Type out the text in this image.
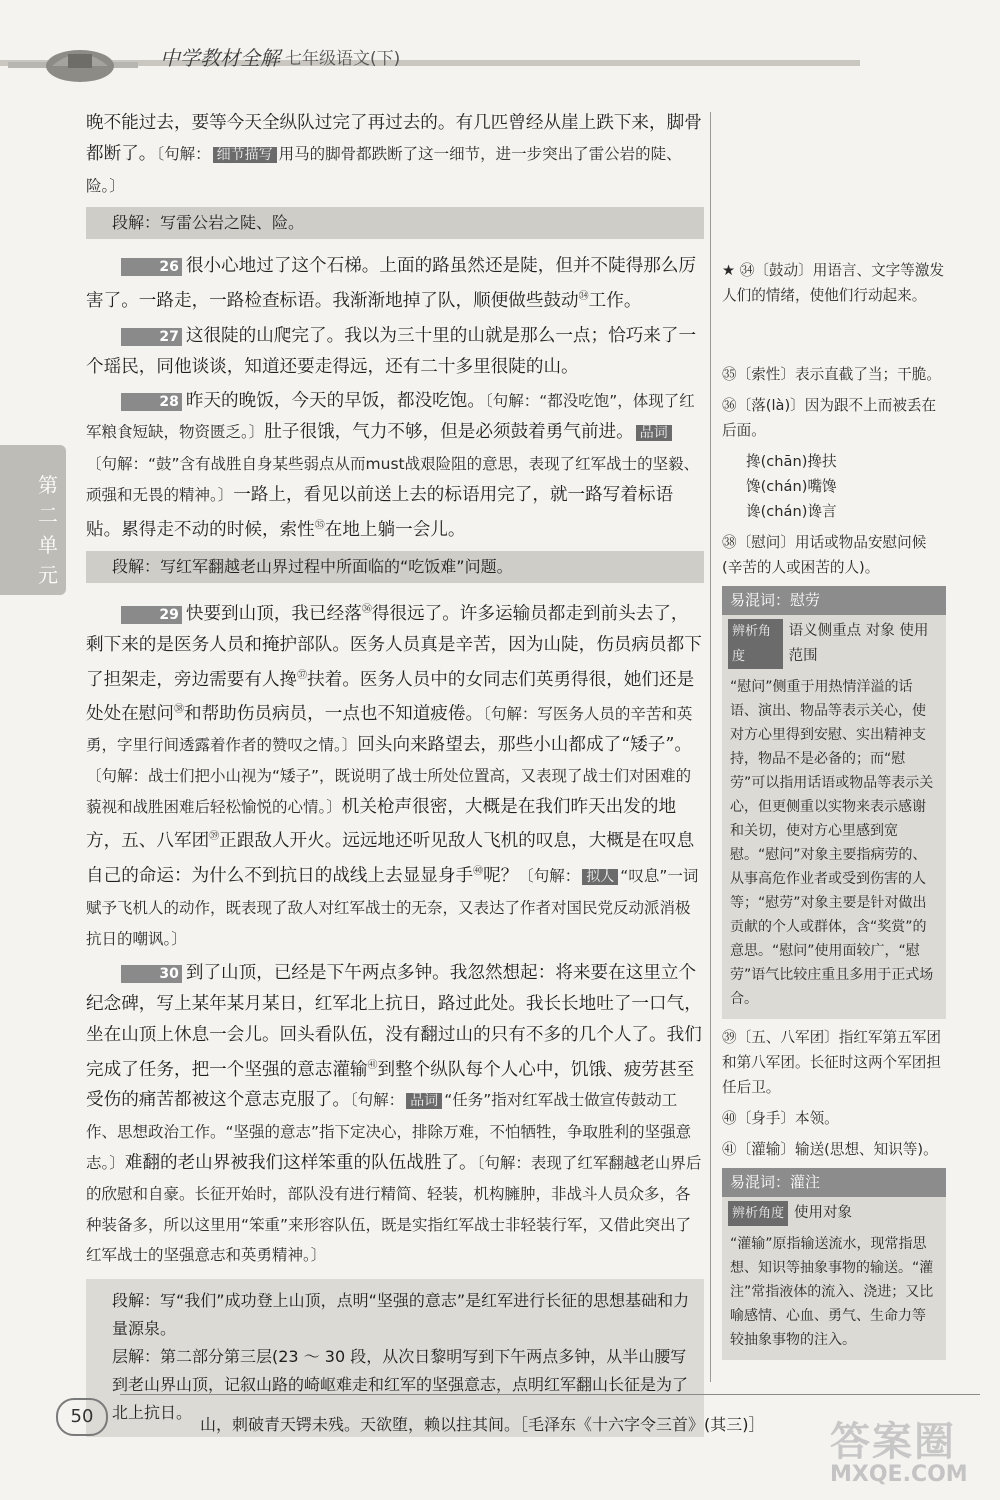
中学教材全解 七年级语文(下)
第二单元

晚不能过去，要等今天全纵队过完了再过去的。有几匹曾经从崖上跌下来，脚骨都断了。〔句解： 细节描写 用马的脚骨都跌断了这一细节，进一步突出了雷公岩的陡、险。〕

段解：写雷公岩之陡、险。

26 很小心地过了这个石梯。上面的路虽然还是陡，但并不陡得那么厉害了。一路走，一路检查标语。我渐渐地掉了队，顺便做些鼓动$^㉞$工作。

27 这很陡的山爬完了。我以为三十里的山就是那么一点；恰巧来了一个瑶民，同他谈谈，知道还要走得远，还有二十多里很陡的山。

28 昨天的晚饭，今天的早饭，都没吃饱。〔句解：“都没吃饱”，体现了红军粮食短缺，物资匮乏。〕肚子很饿，气力不够，但是必须鼓着勇气前进。 品词〔句解：“鼓”含有战胜自身某些弱点从而must战艰险阻的意思，表现了红军战士的坚毅、顽强和无畏的精神。〕一路上，看见以前送上去的标语用完了，就一路写着标语贴。累得走不动的时候，索性$^㉟$在地上躺一会儿。

段解：写红军翻越老山界过程中所面临的“吃饭难”问题。

29 快要到山顶，我已经落$^㊱$得很远了。许多运输员都走到前头去了，剩下来的是医务人员和掩护部队。医务人员真是辛苦，因为山陡，伤员病员都下了担架走，旁边需要有人搀$^㊲$扶着。医务人员中的女同志们英勇得很，她们还是处处在慰问$^㊳$和帮助伤员病员，一点也不知道疲倦。〔句解：写医务人员的辛苦和英勇，字里行间透露着作者的赞叹之情。〕回头向来路望去，那些小山都成了“矮子”。〔句解：战士们把小山视为“矮子”，既说明了战士所处位置高，又表现了战士们对困难的藐视和战胜困难后轻松愉悦的心情。〕机关枪声很密，大概是在我们昨天出发的地方，五、八军团$^㊴$正跟敌人开火。远远地还听见敌人飞机的叹息，大概是在叹息自己的命运：为什么不到抗日的战线上去显显身手$^㊵$呢？〔句解： 拟人 “叹息”一词赋予飞机人的动作，既表现了敌人对红军战士的无奈，又表达了作者对国民党反动派消极抗日的嘲讽。〕

30 到了山顶，已经是下午两点多钟。我忽然想起：将来要在这里立个纪念碑，写上某年某月某日，红军北上抗日，路过此处。我长长地吐了一口气，坐在山顶上休息一会儿。回头看队伍，没有翻过山的只有不多的几个人了。我们完成了任务，把一个坚强的意志灌输$^㊶$到整个纵队每个人心中，饥饿、疲劳甚至受伤的痛苦都被这个意志克服了。〔句解： 品词 “任务”指对红军战士做宣传鼓动工作、思想政治工作。“坚强的意志”指下定决心，排除万难，不怕牺牲，争取胜利的坚强意志。〕难翻的老山界被我们这样笨重的队伍战胜了。〔句解：表现了红军翻越老山界后的欣慰和自豪。长征开始时，部队没有进行精简、轻装，机构臃肿，非战斗人员众多，各种装备多，所以这里用“笨重”来形容队伍，既是实指红军战士非轻装行军，又借此突出了红军战士的坚强意志和英勇精神。〕

段解：写“我们”成功登上山顶，点明“坚强的意志”是红军进行长征的思想基础和力量源泉。

层解：第二部分第三层(23 ～ 30 段，从次日黎明写到下午两点多钟，从半山腰写到老山界山顶，记叙山路的崎岖难走和红军的坚强意志，点明红军翻山长征是为了北上抗日。

★ ㉞〔鼓动〕用语言、文字等激发人们的情绪，使他们行动起来。

㉟〔索性〕表示直截了当；干脆。

㊱〔落(là)〕因为跟不上而被丢在后面。

搀(chān)搀扶
馋(chán)嘴馋
谗(chán)谗言

㊳〔慰问〕用话或物品安慰问候(辛苦的人或困苦的人)。

易混词：慰劳
辨析角度
语义侧重点 对象 使用范围

“慰问”侧重于用热情洋溢的话语、演出、物品等表示关心，使对方心里得到安慰、实出精神支持，物品不是必备的；而“慰劳”可以指用话语或物品等表示关心，但更侧重以实物来表示感谢和关切，使对方心里感到宽慰。“慰问”对象主要指病劳的、从事高危作业者或受到伤害的人等；“慰劳”对象主要是针对做出贡献的个人或群体，含“奖赏”的意思。“慰问”使用面较广，“慰劳”语气比较庄重且多用于正式场合。

㊴〔五、八军团〕指红军第五军团和第八军团。长征时这两个军团担任后卫。

㊵〔身手〕本领。

㊶〔灌输〕输送(思想、知识等)。

易混词：灌注
辨析角度 使用对象

“灌输”原指输送流水，现常指思想、知识等抽象事物的输送。“灌注”常指液体的流入、浇进；又比喻感情、心血、勇气、生命力等较抽象事物的注入。

50	山，刺破青天锷未残。天欲堕，赖以拄其间。［毛泽东《十六字令三首》(其三)］ 答案圈
MXQE.COM
